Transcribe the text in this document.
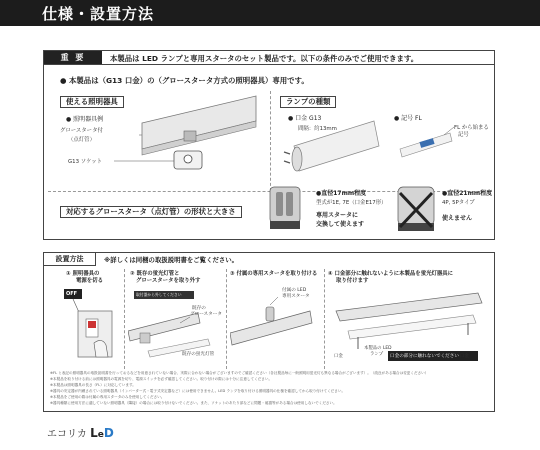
仕様・設置方法
重 要	本製品は LED ランプと専用スタータのセット製品です。以下の条件のみでご使用できます。
● 本製品は（G13 口金）の（グロースタータ方式の照明器具）専用です。
使える照明器具
● 照明器具例
グロースタータ付
（点灯管）
G13 ソケット
ランプの種類
● 口金 G13
間隔：約13mm
● 記号 FL
FL から始まる
記号
対応するグロースタータ（点灯管）の形状と大きさ
●直径17mm程度
型式が1E, 7E（口金E17形）
専用スタータに
交換して使えます
●直径21mm程度
4P, 5Pタイプ
使えません
設置方法	※詳しくは同梱の取扱説明書をご覧ください。
① 照明器具の
電源を切る
OFF
② 既存の蛍光灯管と
グロースタータを取り外す
取付器から外してください
既存の
グロースタータ
既存の蛍光灯管
③ 付属の専用スタータを取り付ける
付属の LED
専用スタータ
④ 口金部分に触れないように本製品を蛍光灯器具に
取り付けます
口金
本製品の LED
ランプ	口金
口金の部分に触れないでください
※FL と表記の照明器具の取扱説明書を行っておるなどを用意されていない場合、実際に合わない場合がございますのでご確認ください（各社製品毎に一般照明用蛍光灯も異なる場合がございます）。（改良がある場合は変更ください）
※本製品を取り付ける前には照明器具の電源を切り、電源スイッチを必ず確認してください。取り付けの際には十分に注意してください。
※本製品は照明器具の長さ（FL）に対応しています。
※器具の安定器が内蔵されている照明器具（インバーター式・電子式安定器など）には使用できません。LED ランプを取り付ける照明器具の仕様を確認してから取り付けてください。
※本製品をご使用の際は付属の専用スタータのみを使用してください。
※器具種類に使用方法に適していない照明器具（隣接）の場合には取り付けないでください。また、ソケットのあたり部などに問題・破損等がある場合は使用しないでください。
エコリカ LeD
